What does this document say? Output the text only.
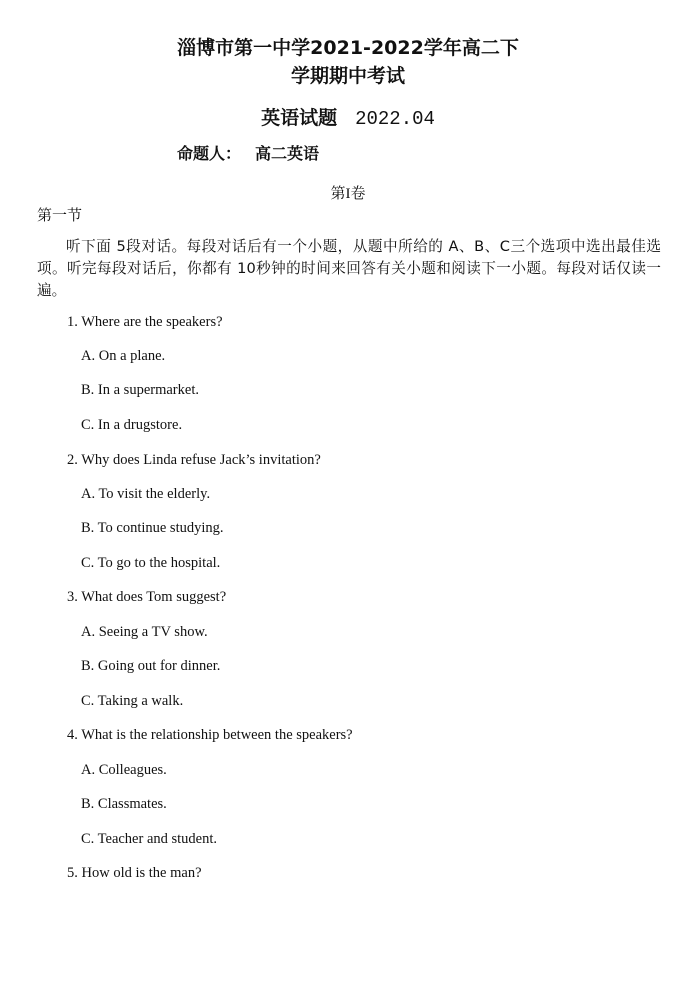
淄博市第一中学2021-2022学年高二下
学期期中考试
英语试题 2022.04
命题人： 高二英语
第I卷
第一节

听下面 5段对话。每段对话后有一个小题，从题中所给的 A、B、C三个选项中选出最佳选项。听完每段对话后，你都有 10秒钟的时间来回答有关小题和阅读下一小题。每段对话仅读一遍。

1. Where are the speakers?
A. On a plane.
B. In a supermarket.
C. In a drugstore.
2. Why does Linda refuse Jack’s invitation?
A. To visit the elderly.
B. To continue studying.
C. To go to the hospital.
3. What does Tom suggest?
A. Seeing a TV show.
B. Going out for dinner.
C. Taking a walk.
4. What is the relationship between the speakers?
A. Colleagues.
B. Classmates.
C. Teacher and student.
5. How old is the man?
